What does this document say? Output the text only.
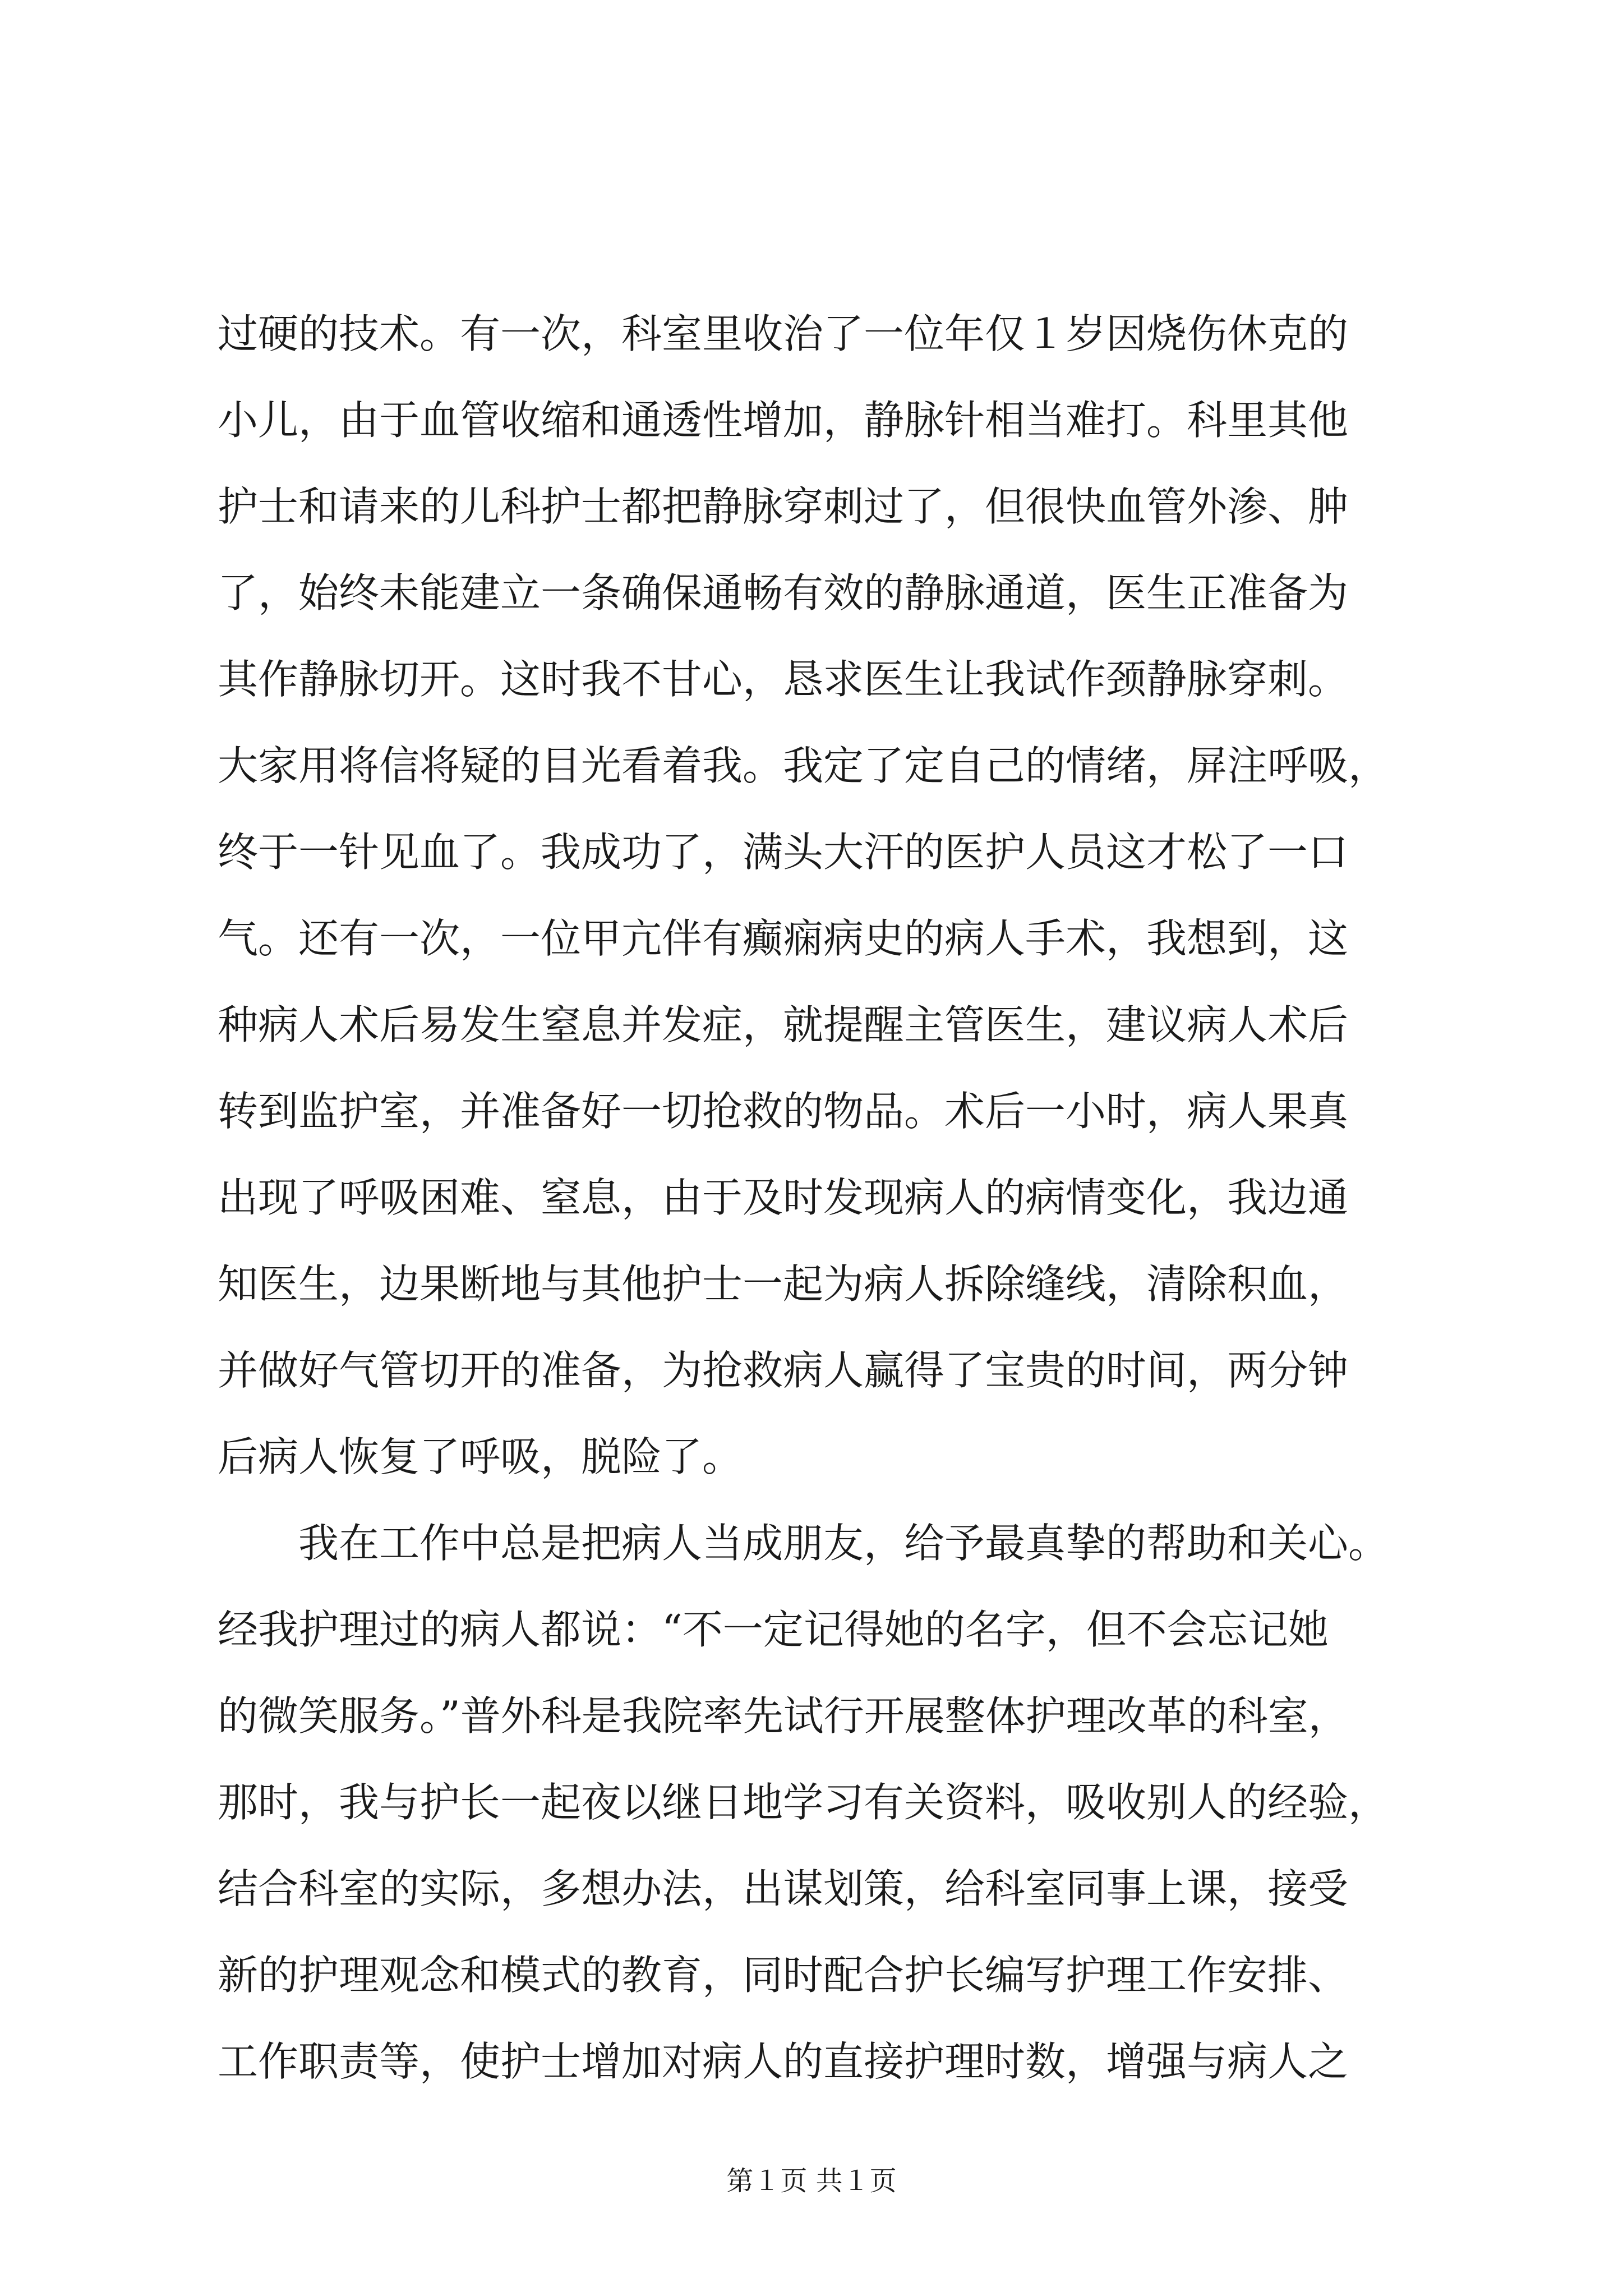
过硬的技术。有一次，科室里收治了一位年仅１岁因烧伤休克的
小儿，由于血管收缩和通透性增加，静脉针相当难打。科里其他
护士和请来的儿科护士都把静脉穿刺过了，但很快血管外渗、肿
了，始终未能建立一条确保通畅有效的静脉通道，医生正准备为
其作静脉切开。这时我不甘心，恳求医生让我试作颈静脉穿刺。
大家用将信将疑的目光看着我。我定了定自己的情绪，屏注呼吸，
终于一针见血了。我成功了，满头大汗的医护人员这才松了一口
气。还有一次，一位甲亢伴有癫痫病史的病人手术，我想到，这
种病人术后易发生窒息并发症，就提醒主管医生，建议病人术后
转到监护室，并准备好一切抢救的物品。术后一小时，病人果真
出现了呼吸困难、窒息，由于及时发现病人的病情变化，我边通
知医生，边果断地与其他护士一起为病人拆除缝线，清除积血，
并做好气管切开的准备，为抢救病人赢得了宝贵的时间，两分钟
后病人恢复了呼吸，脱险了。
我在工作中总是把病人当成朋友，给予最真挚的帮助和关心。
经我护理过的病人都说：“不一定记得她的名字，但不会忘记她
的微笑服务。”普外科是我院率先试行开展整体护理改革的科室，
那时，我与护长一起夜以继日地学习有关资料，吸收别人的经验，
结合科室的实际，多想办法，出谋划策，给科室同事上课，接受
新的护理观念和模式的教育，同时配合护长编写护理工作安排、
工作职责等，使护士增加对病人的直接护理时数，增强与病人之
第１页 共１页
